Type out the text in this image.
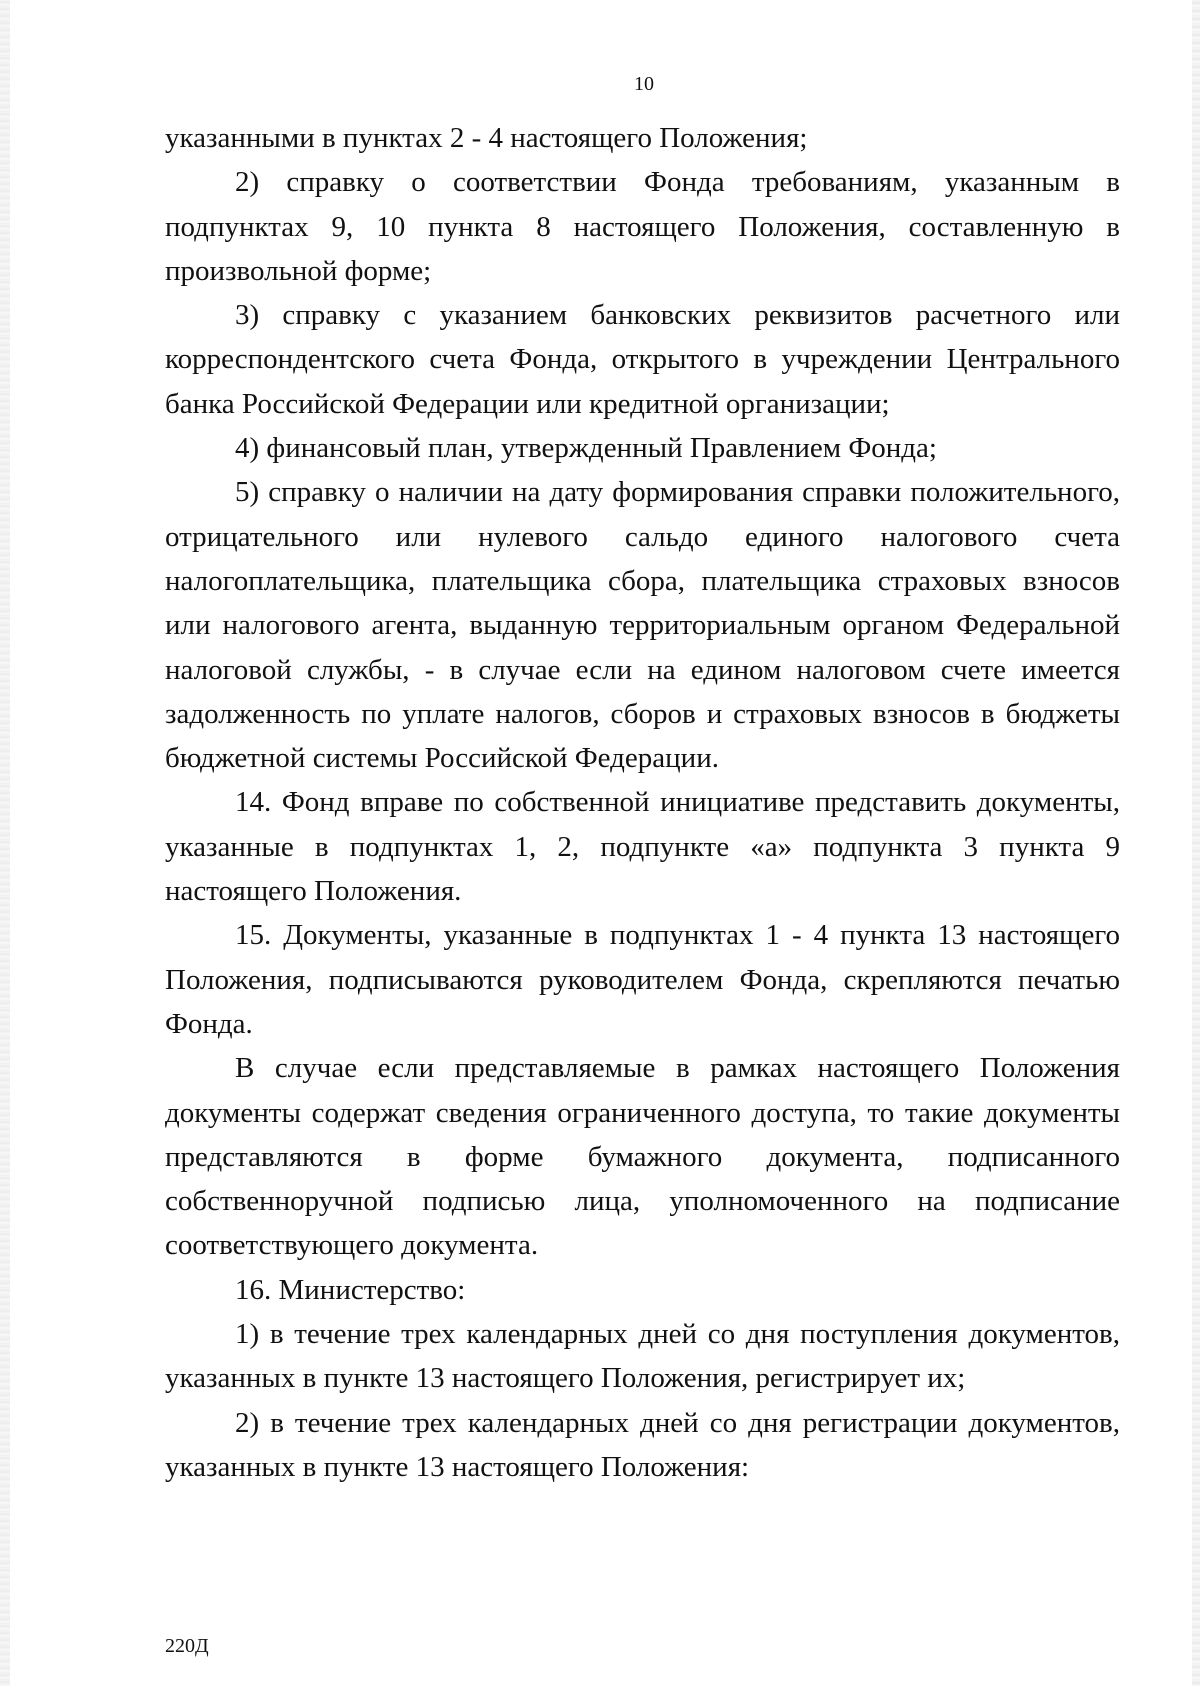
10

указанными в пунктах 2 - 4 настоящего Положения;

2) справку о соответствии Фонда требованиям, указанным в подпунктах 9, 10 пункта 8 настоящего Положения, составленную в произвольной форме;

3) справку с указанием банковских реквизитов расчетного или корреспондентского счета Фонда, открытого в учреждении Центрального банка Российской Федерации или кредитной организации;

4) финансовый план, утвержденный Правлением Фонда;

5) справку о наличии на дату формирования справки положительного, отрицательного или нулевого сальдо единого налогового счета налогоплательщика, плательщика сбора, плательщика страховых взносов или налогового агента, выданную территориальным органом Федеральной налоговой службы, - в случае если на едином налоговом счете имеется задолженность по уплате налогов, сборов и страховых взносов в бюджеты бюджетной системы Российской Федерации.

14. Фонд вправе по собственной инициативе представить документы, указанные в подпунктах 1, 2, подпункте «а» подпункта 3 пункта 9 настоящего Положения.

15. Документы, указанные в подпунктах 1 - 4 пункта 13 настоящего Положения, подписываются руководителем Фонда, скрепляются печатью Фонда.

В случае если представляемые в рамках настоящего Положения документы содержат сведения ограниченного доступа, то такие документы представляются в форме бумажного документа, подписанного собственноручной подписью лица, уполномоченного на подписание соответствующего документа.

16. Министерство:

1) в течение трех календарных дней со дня поступления документов, указанных в пункте 13 настоящего Положения, регистрирует их;

2) в течение трех календарных дней со дня регистрации документов, указанных в пункте 13 настоящего Положения:

220Д
